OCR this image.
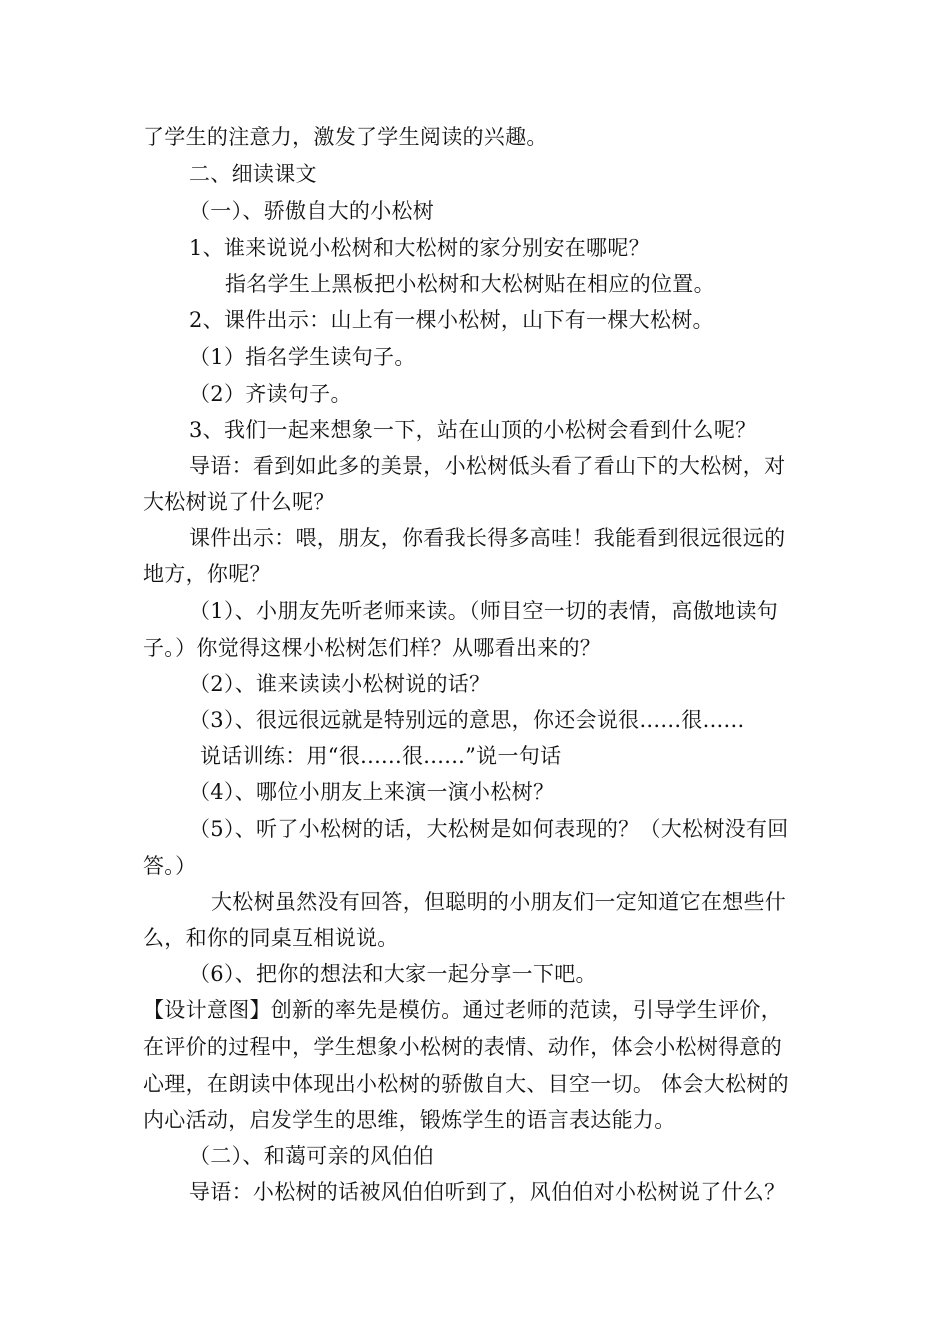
了学生的注意力，激发了学生阅读的兴趣。
二、细读课文
（一）、骄傲自大的小松树
1、谁来说说小松树和大松树的家分别安在哪呢？
指名学生上黑板把小松树和大松树贴在相应的位置。
2、课件出示：山上有一棵小松树，山下有一棵大松树。
（1）指名学生读句子。
（2）齐读句子。
3、我们一起来想象一下，站在山顶的小松树会看到什么呢？
导语：看到如此多的美景，小松树低头看了看山下的大松树，对
大松树说了什么呢？
课件出示：喂，朋友，你看我长得多高哇！我能看到很远很远的
地方，你呢？
（1）、小朋友先听老师来读。（师目空一切的表情，高傲地读句
子。）你觉得这棵小松树怎们样？从哪看出来的？
（2）、谁来读读小松树说的话？
（3）、很远很远就是特别远的意思，你还会说很......很......
说话训练：用“很......很......”说一句话
（4）、哪位小朋友上来演一演小松树？
（5）、听了小松树的话，大松树是如何表现的？（大松树没有回
答。）
大松树虽然没有回答，但聪明的小朋友们一定知道它在想些什
么，和你的同桌互相说说。
（6）、把你的想法和大家一起分享一下吧。
【设计意图】创新的率先是模仿。通过老师的范读，引导学生评价，
在评价的过程中，学生想象小松树的表情、动作，体会小松树得意的
心理，在朗读中体现出小松树的骄傲自大、目空一切。 体会大松树的
内心活动，启发学生的思维，锻炼学生的语言表达能力。
（二）、和蔼可亲的风伯伯
导语：小松树的话被风伯伯听到了，风伯伯对小松树说了什么？
